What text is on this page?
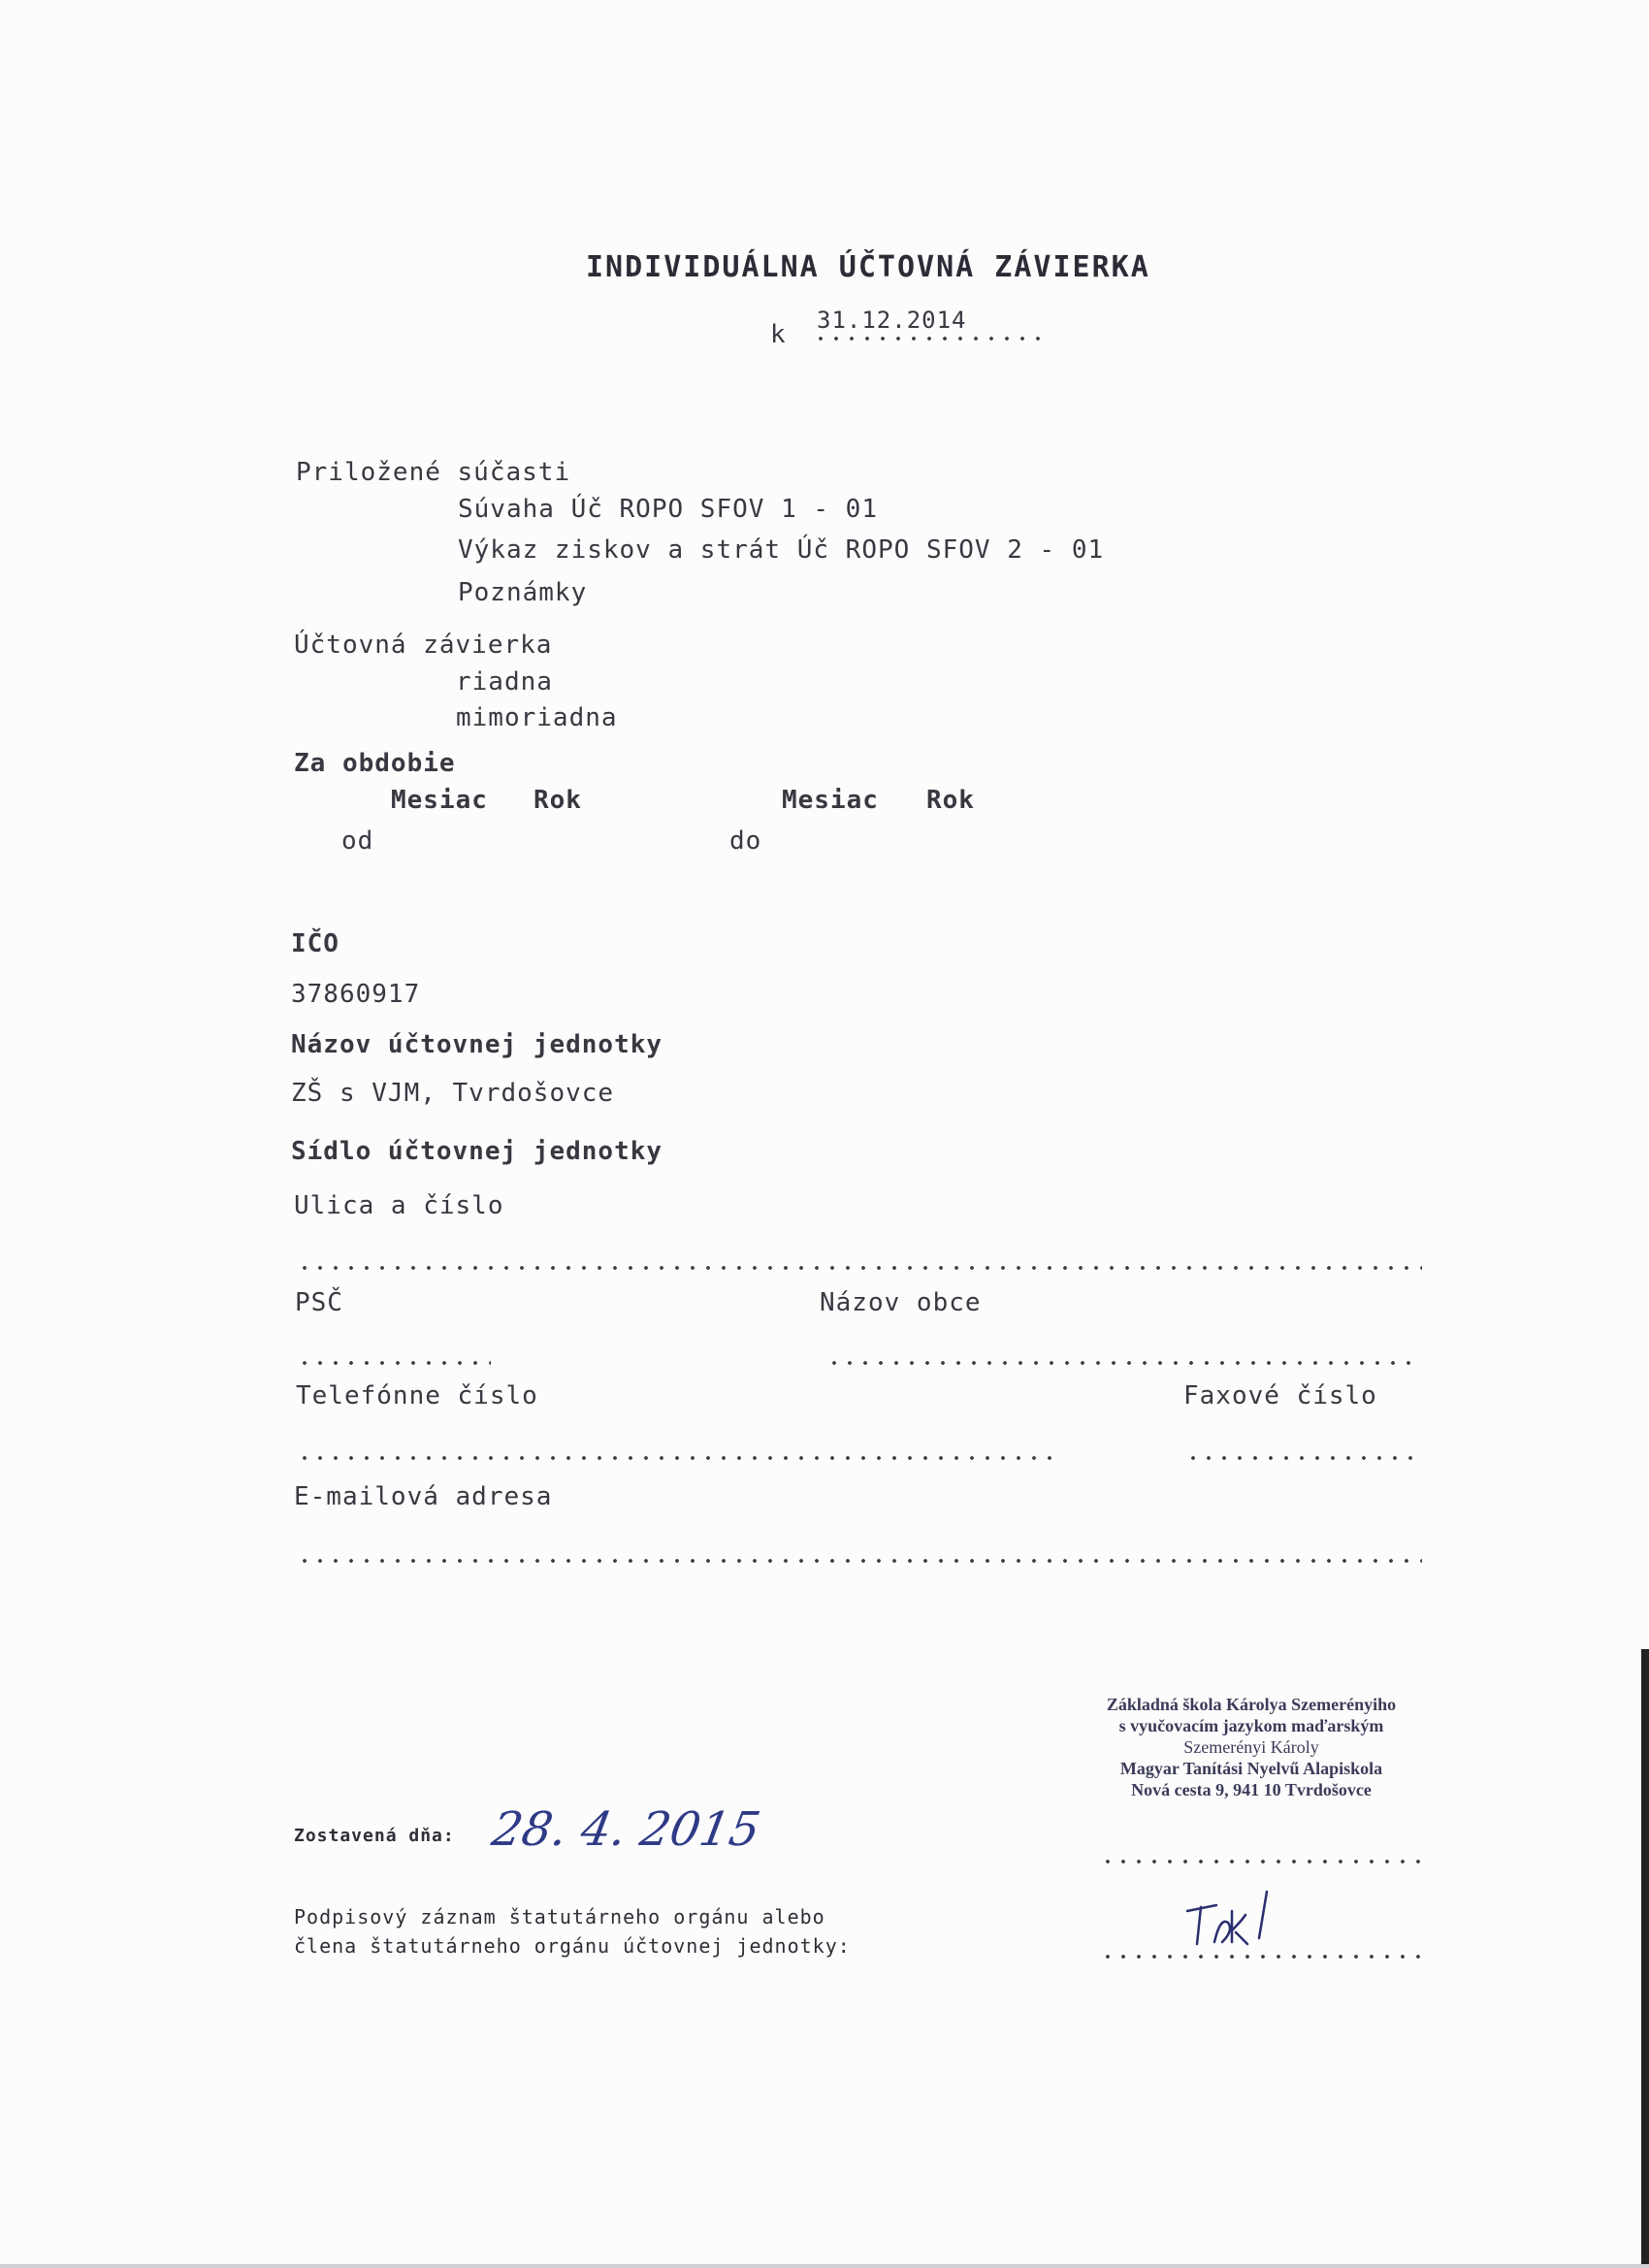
INDIVIDUÁLNA ÚČTOVNÁ ZÁVIERKA
k 31.12.2014
Priložené súčasti
Súvaha Úč ROPO SFOV 1 - 01
Výkaz ziskov a strát Úč ROPO SFOV 2 - 01
Poznámky
Účtovná závierka
riadna
mimoriadna
Za obdobie
Mesiac Rok	Mesiac Rok
od	do
IČO
37860917
Názov účtovnej jednotky
ZŠ s VJM, Tvrdošovce
Sídlo účtovnej jednotky
Ulica a číslo
PSČ	Názov obce
Telefónne číslo	Faxové číslo
E-mailová adresa
Základná škola Károlya Szemerényiho
s vyučovacím jazykom maďarským
Szemerényi Károly
Magyar Tanítási Nyelvű Alapiskola
Nová cesta 9, 941 10 Tvrdošovce
Zostavená dňa: 28. 4. 2015
Podpisový záznam štatutárneho orgánu alebo
člena štatutárneho orgánu účtovnej jednotky:
